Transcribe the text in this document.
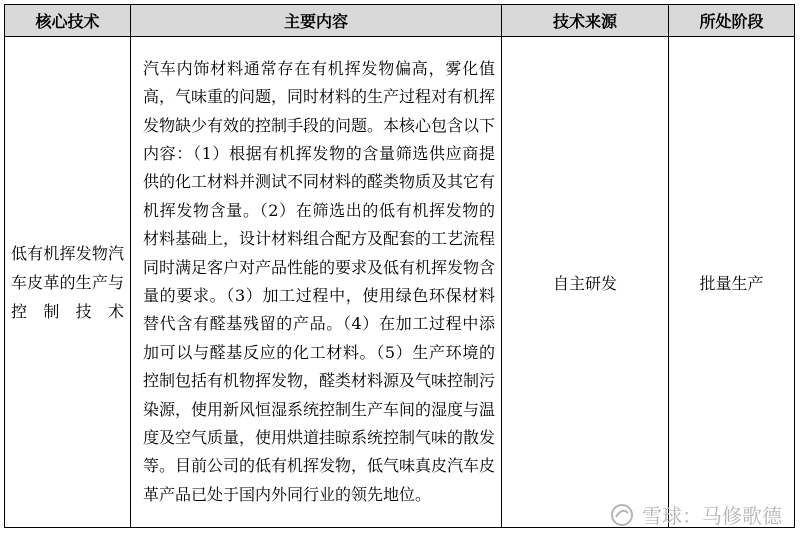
核心技术	主要内容	技术来源	所处阶段
低有机挥发物汽车皮革的生产与控制技术	汽车内饰材料通常存在有机挥发物偏高，雾化值高，气味重的问题，同时材料的生产过程对有机挥发物缺少有效的控制手段的问题。本核心包含以下内容：（1）根据有机挥发物的含量筛选供应商提供的化工材料并测试不同材料的醛类物质及其它有机挥发物含量。（2）在筛选出的低有机挥发物的材料基础上，设计材料组合配方及配套的工艺流程同时满足客户对产品性能的要求及低有机挥发物含量的要求。（3）加工过程中，使用绿色环保材料替代含有醛基残留的产品。（4）在加工过程中添加可以与醛基反应的化工材料。（5）生产环境的控制包括有机物挥发物，醛类材料源及气味控制污染源，使用新风恒湿系统控制生产车间的湿度与温度及空气质量，使用烘道挂晾系统控制气味的散发等。目前公司的低有机挥发物，低气味真皮汽车皮革产品已处于国内外同行业的领先地位。	自主研发	批量生产
雪球：马修歌德
